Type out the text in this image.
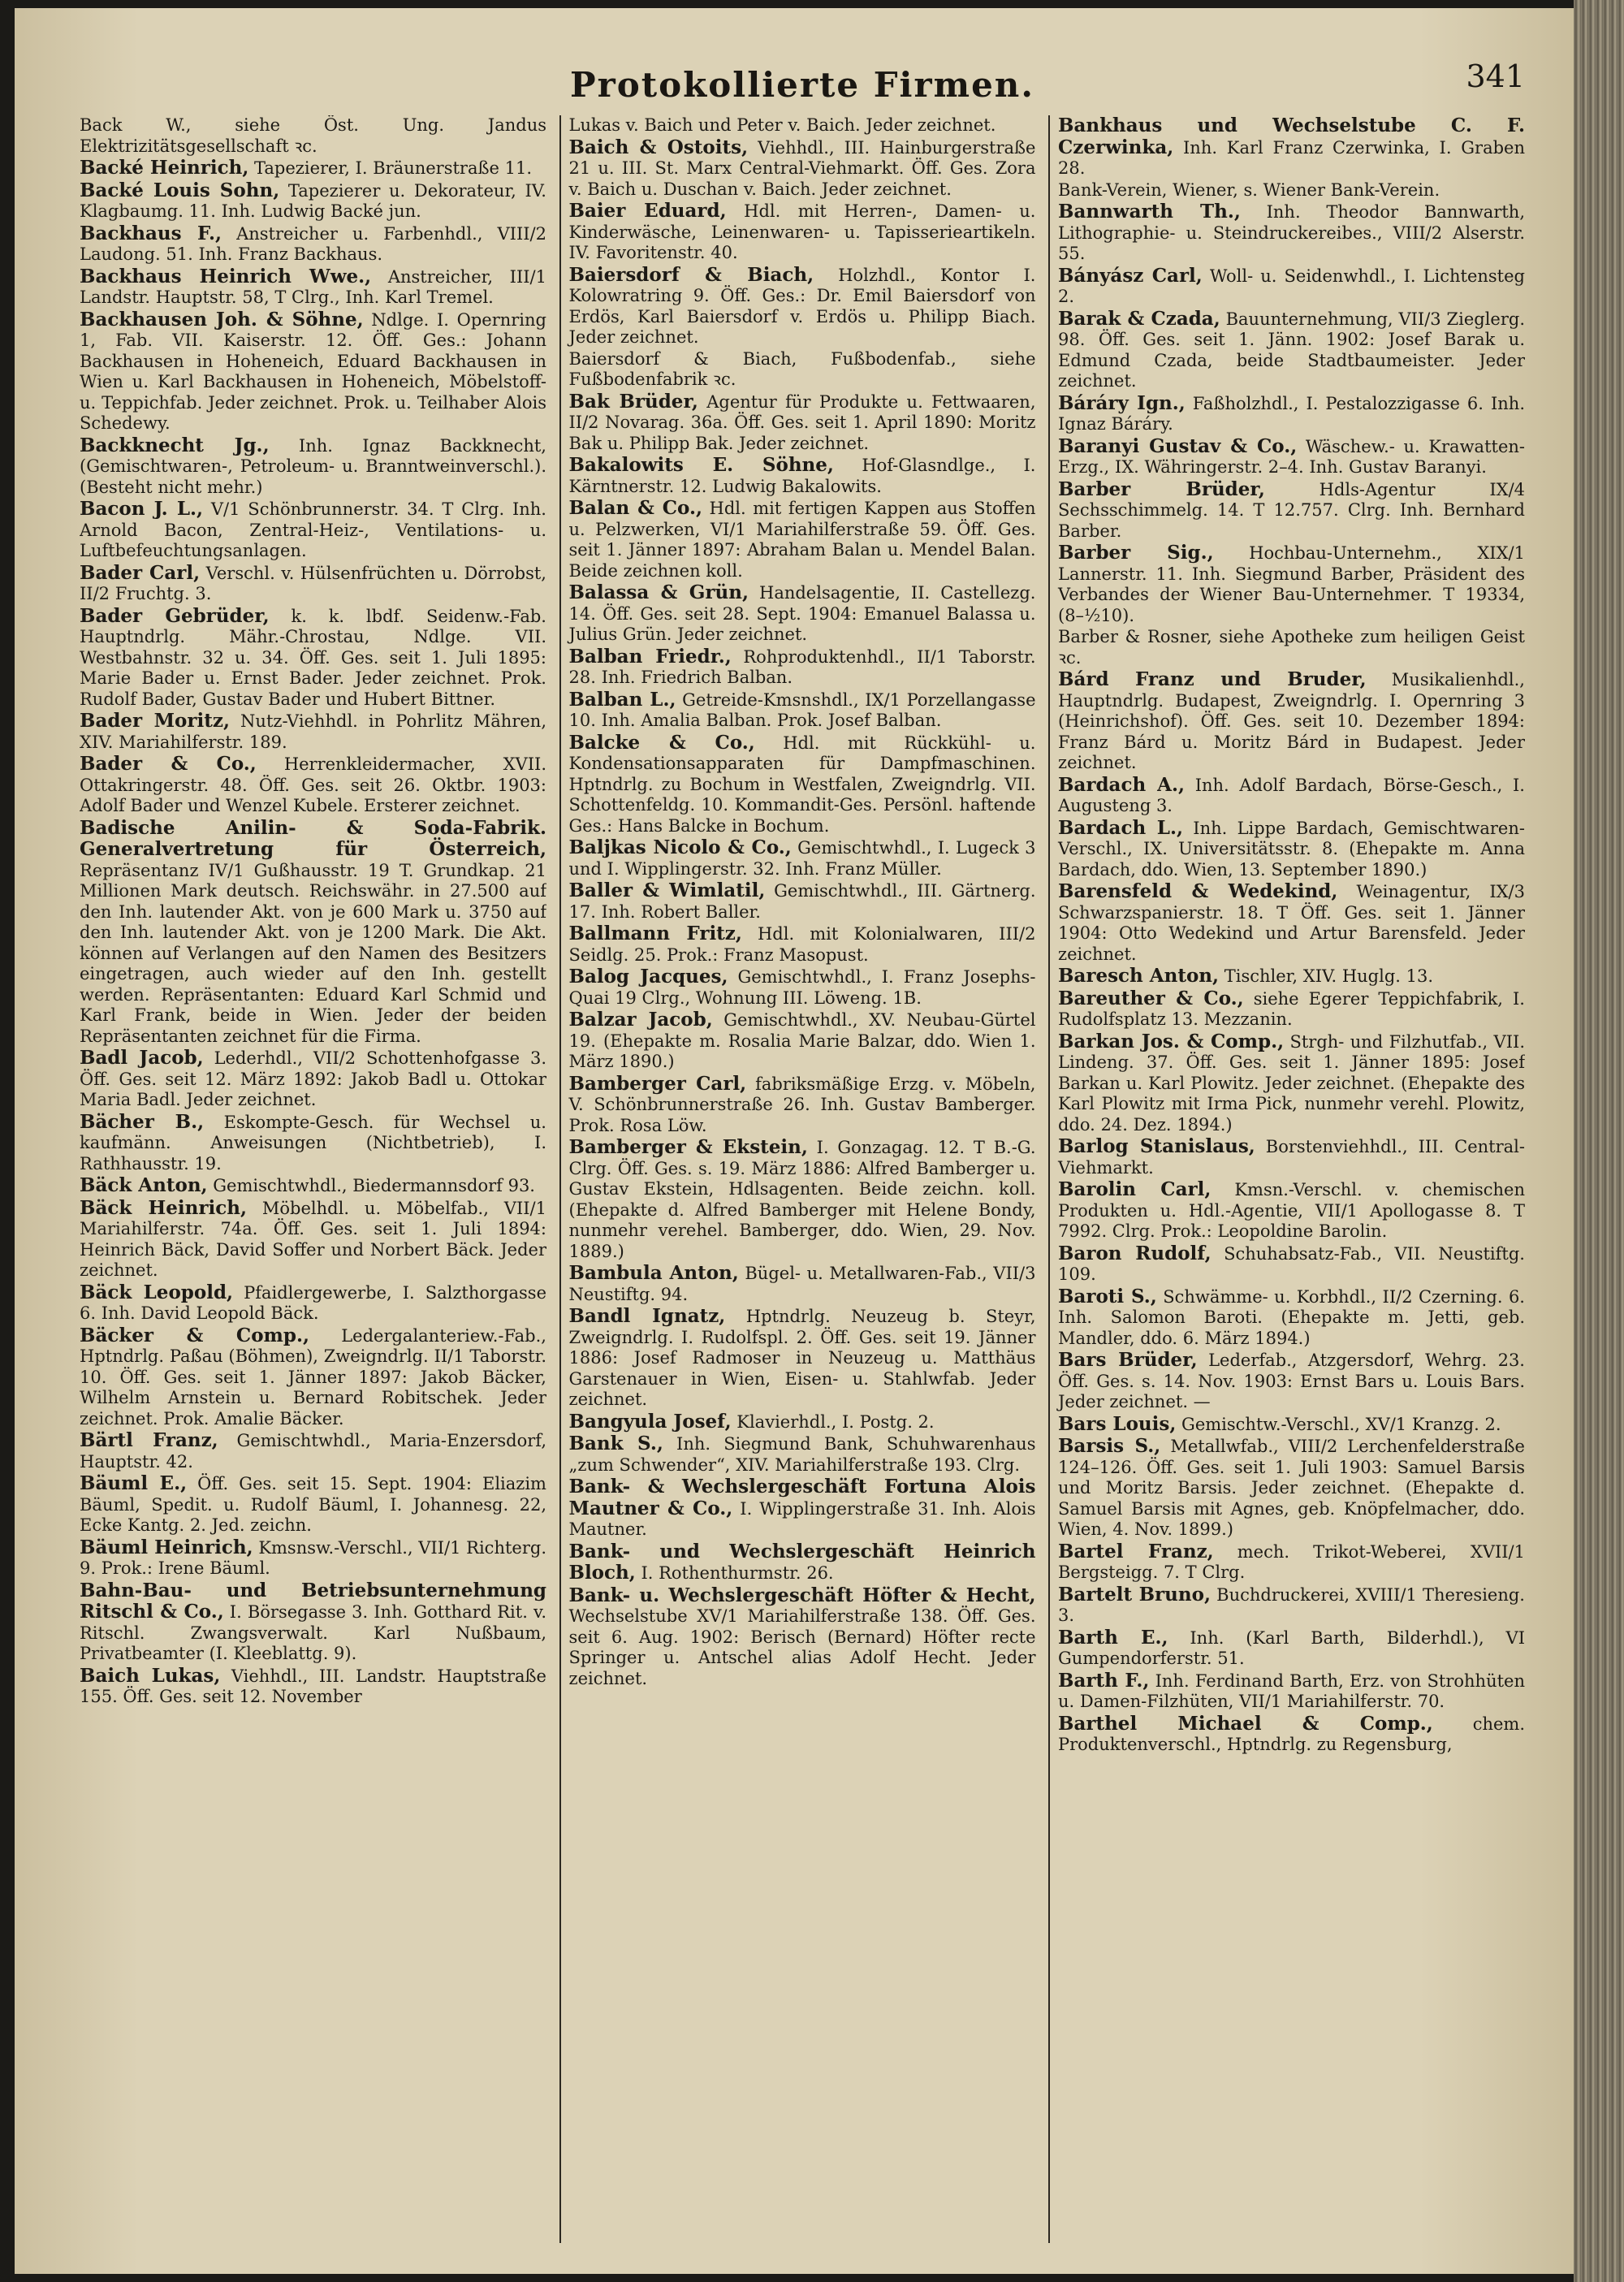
Protokollierte Firmen.	341
Back W., siehe Öst. Ung. Jandus Elektrizitätsgesellschaft ꝛc.
Backé Heinrich, Tapezierer, I. Bräunerstraße 11.
Backé Louis Sohn, Tapezierer u. Dekorateur, IV. Klagbaumg. 11. Inh. Ludwig Backé jun.
Backhaus F., Anstreicher u. Farbenhdl., VIII/2 Laudong. 51. Inh. Franz Backhaus.
Backhaus Heinrich Wwe., Anstreicher, III/1 Landstr. Hauptstr. 58, T Clrg., Inh. Karl Tremel.
Backhausen Joh. & Söhne, Ndlge. I. Opernring 1, Fab. VII. Kaiserstr. 12. Öff. Ges.: Johann Backhausen in Hoheneich, Eduard Backhausen in Wien u. Karl Backhausen in Hoheneich, Möbelstoff- u. Teppichfab. Jeder zeichnet. Prok. u. Teilhaber Alois Schedewy.
Backknecht Jg., Inh. Ignaz Backknecht, (Gemischtwaren-, Petroleum- u. Branntweinverschl.). (Besteht nicht mehr.)
Bacon J. L., V/1 Schönbrunnerstr. 34. T Clrg. Inh. Arnold Bacon, Zentral-Heiz-, Ventilations- u. Luftbefeuchtungsanlagen.
Bader Carl, Verschl. v. Hülsenfrüchten u. Dörrobst, II/2 Fruchtg. 3.
Bader Gebrüder, k. k. lbdf. Seidenw.-Fab. Hauptndrlg. Mähr.-Chrostau, Ndlge. VII. Westbahnstr. 32 u. 34. Öff. Ges. seit 1. Juli 1895: Marie Bader u. Ernst Bader. Jeder zeichnet. Prok. Rudolf Bader, Gustav Bader und Hubert Bittner.
Bader Moritz, Nutz-Viehhdl. in Pohrlitz Mähren, XIV. Mariahilferstr. 189.
Bader & Co., Herrenkleidermacher, XVII. Ottakringerstr. 48. Öff. Ges. seit 26. Oktbr. 1903: Adolf Bader und Wenzel Kubele. Ersterer zeichnet.
Badische Anilin- & Soda-Fabrik. Generalvertretung für Österreich, Repräsentanz IV/1 Gußhausstr. 19 T. Grundkap. 21 Millionen Mark deutsch. Reichswähr. in 27.500 auf den Inh. lautender Akt. von je 600 Mark u. 3750 auf den Inh. lautender Akt. von je 1200 Mark. Die Akt. können auf Verlangen auf den Namen des Besitzers eingetragen, auch wieder auf den Inh. gestellt werden. Repräsentanten: Eduard Karl Schmid und Karl Frank, beide in Wien. Jeder der beiden Repräsentanten zeichnet für die Firma.
Badl Jacob, Lederhdl., VII/2 Schottenhofgasse 3. Öff. Ges. seit 12. März 1892: Jakob Badl u. Ottokar Maria Badl. Jeder zeichnet.
Bächer B., Eskompte-Gesch. für Wechsel u. kaufmänn. Anweisungen (Nichtbetrieb), I. Rathhausstr. 19.
Bäck Anton, Gemischtwhdl., Biedermannsdorf 93.
Bäck Heinrich, Möbelhdl. u. Möbelfab., VII/1 Mariahilferstr. 74a. Öff. Ges. seit 1. Juli 1894: Heinrich Bäck, David Soffer und Norbert Bäck. Jeder zeichnet.
Bäck Leopold, Pfaidlergewerbe, I. Salzthorgasse 6. Inh. David Leopold Bäck.
Bäcker & Comp., Ledergalanteriew.-Fab., Hptndrlg. Paßau (Böhmen), Zweigndrlg. II/1 Taborstr. 10. Öff. Ges. seit 1. Jänner 1897: Jakob Bäcker, Wilhelm Arnstein u. Bernard Robitschek. Jeder zeichnet. Prok. Amalie Bäcker.
Bärtl Franz, Gemischtwhdl., Maria-Enzersdorf, Hauptstr. 42.
Bäuml E., Öff. Ges. seit 15. Sept. 1904: Eliazim Bäuml, Spedit. u. Rudolf Bäuml, I. Johannesg. 22, Ecke Kantg. 2. Jed. zeichn.
Bäuml Heinrich, Kmsnsw.-Verschl., VII/1 Richterg. 9. Prok.: Irene Bäuml.
Bahn-Bau- und Betriebsunternehmung Ritschl & Co., I. Börsegasse 3. Inh. Gotthard Rit. v. Ritschl. Zwangsverwalt. Karl Nußbaum, Privatbeamter (I. Kleeblattg. 9).
Baich Lukas, Viehhdl., III. Landstr. Hauptstraße 155. Öff. Ges. seit 12. November
Lukas v. Baich und Peter v. Baich. Jeder zeichnet.
Baich & Ostoits, Viehhdl., III. Hainburgerstraße 21 u. III. St. Marx Central-Viehmarkt. Öff. Ges. Zora v. Baich u. Duschan v. Baich. Jeder zeichnet.
Baier Eduard, Hdl. mit Herren-, Damen- u. Kinderwäsche, Leinenwaren- u. Tapisserieartikeln. IV. Favoritenstr. 40.
Baiersdorf & Biach, Holzhdl., Kontor I. Kolowratring 9. Öff. Ges.: Dr. Emil Baiersdorf von Erdös, Karl Baiersdorf v. Erdös u. Philipp Biach. Jeder zeichnet.
Baiersdorf & Biach, Fußbodenfab., siehe Fußbodenfabrik ꝛc.
Bak Brüder, Agentur für Produkte u. Fettwaaren, II/2 Novarag. 36a. Öff. Ges. seit 1. April 1890: Moritz Bak u. Philipp Bak. Jeder zeichnet.
Bakalowits E. Söhne, Hof-Glasndlge., I. Kärntnerstr. 12. Ludwig Bakalowits.
Balan & Co., Hdl. mit fertigen Kappen aus Stoffen u. Pelzwerken, VI/1 Mariahilferstraße 59. Öff. Ges. seit 1. Jänner 1897: Abraham Balan u. Mendel Balan. Beide zeichnen koll.
Balassa & Grün, Handelsagentie, II. Castellezg. 14. Öff. Ges. seit 28. Sept. 1904: Emanuel Balassa u. Julius Grün. Jeder zeichnet.
Balban Friedr., Rohproduktenhdl., II/1 Taborstr. 28. Inh. Friedrich Balban.
Balban L., Getreide-Kmsnshdl., IX/1 Porzellangasse 10. Inh. Amalia Balban. Prok. Josef Balban.
Balcke & Co., Hdl. mit Rückkühl- u. Kondensationsapparaten für Dampfmaschinen. Hptndrlg. zu Bochum in Westfalen, Zweigndrlg. VII. Schottenfeldg. 10. Kommandit-Ges. Persönl. haftende Ges.: Hans Balcke in Bochum.
Baljkas Nicolo & Co., Gemischtwhdl., I. Lugeck 3 und I. Wipplingerstr. 32. Inh. Franz Müller.
Baller & Wimlatil, Gemischtwhdl., III. Gärtnerg. 17. Inh. Robert Baller.
Ballmann Fritz, Hdl. mit Kolonialwaren, III/2 Seidlg. 25. Prok.: Franz Masopust.
Balog Jacques, Gemischtwhdl., I. Franz Josephs-Quai 19 Clrg., Wohnung III. Löweng. 1B.
Balzar Jacob, Gemischtwhdl., XV. Neubau-Gürtel 19. (Ehepakte m. Rosalia Marie Balzar, ddo. Wien 1. März 1890.)
Bamberger Carl, fabriksmäßige Erzg. v. Möbeln, V. Schönbrunnerstraße 26. Inh. Gustav Bamberger. Prok. Rosa Löw.
Bamberger & Ekstein, I. Gonzagag. 12. T B.-G. Clrg. Öff. Ges. s. 19. März 1886: Alfred Bamberger u. Gustav Ekstein, Hdlsagenten. Beide zeichn. koll. (Ehepakte d. Alfred Bamberger mit Helene Bondy, nunmehr verehel. Bamberger, ddo. Wien, 29. Nov. 1889.)
Bambula Anton, Bügel- u. Metallwaren-Fab., VII/3 Neustiftg. 94.
Bandl Ignatz, Hptndrlg. Neuzeug b. Steyr, Zweigndrlg. I. Rudolfspl. 2. Öff. Ges. seit 19. Jänner 1886: Josef Radmoser in Neuzeug u. Matthäus Garstenauer in Wien, Eisen- u. Stahlwfab. Jeder zeichnet.
Bangyula Josef, Klavierhdl., I. Postg. 2.
Bank S., Inh. Siegmund Bank, Schuhwarenhaus „zum Schwender“, XIV. Mariahilferstraße 193. Clrg.
Bank- & Wechslergeschäft Fortuna Alois Mautner & Co., I. Wipplingerstraße 31. Inh. Alois Mautner.
Bank- und Wechslergeschäft Heinrich Bloch, I. Rothenthurmstr. 26.
Bank- u. Wechslergeschäft Höfter & Hecht, Wechselstube XV/1 Mariahilferstraße 138. Öff. Ges. seit 6. Aug. 1902: Berisch (Bernard) Höfter recte Springer u. Antschel alias Adolf Hecht. Jeder zeichnet.
Bankhaus und Wechselstube C. F. Czerwinka, Inh. Karl Franz Czerwinka, I. Graben 28.
Bank-Verein, Wiener, s. Wiener Bank-Verein.
Bannwarth Th., Inh. Theodor Bannwarth, Lithographie- u. Steindruckereibes., VIII/2 Alserstr. 55.
Bányász Carl, Woll- u. Seidenwhdl., I. Lichtensteg 2.
Barak & Czada, Bauunternehmung, VII/3 Zieglerg. 98. Öff. Ges. seit 1. Jänn. 1902: Josef Barak u. Edmund Czada, beide Stadtbaumeister. Jeder zeichnet.
Báráry Ign., Faßholzhdl., I. Pestalozzigasse 6. Inh. Ignaz Báráry.
Baranyi Gustav & Co., Wäschew.- u. Krawatten-Erzg., IX. Währingerstr. 2–4. Inh. Gustav Baranyi.
Barber Brüder,	Hdls-Agentur IX/4 Sechsschimmelg. 14. T 12.757. Clrg. Inh. Bernhard Barber.
Barber Sig., Hochbau-Unternehm., XIX/1 Lannerstr. 11. Inh. Siegmund Barber, Präsident des Verbandes der Wiener Bau-Unternehmer. T 19334, (8–½10).
Barber & Rosner, siehe Apotheke zum heiligen Geist ꝛc.
Bárd Franz und Bruder, Musikalienhdl., Hauptndrlg. Budapest, Zweigndrlg. I. Opernring 3 (Heinrichshof). Öff. Ges. seit 10. Dezember 1894: Franz Bárd u. Moritz Bárd in Budapest. Jeder zeichnet.
Bardach A., Inh. Adolf Bardach, Börse-Gesch., I. Augusteng 3.
Bardach L., Inh. Lippe Bardach, Gemischtwaren-Verschl., IX. Universitätsstr. 8. (Ehepakte m. Anna Bardach, ddo. Wien, 13. September 1890.)
Barensfeld & Wedekind, Weinagentur, IX/3 Schwarzspanierstr. 18. T Öff. Ges. seit 1. Jänner 1904: Otto Wedekind und Artur Barensfeld. Jeder zeichnet.
Baresch Anton, Tischler, XIV. Huglg. 13.
Bareuther & Co., siehe Egerer Teppichfabrik, I. Rudolfsplatz 13. Mezzanin.
Barkan Jos. & Comp., Strgh- und Filzhutfab., VII. Lindeng. 37. Öff. Ges. seit 1. Jänner 1895: Josef Barkan u. Karl Plowitz. Jeder zeichnet. (Ehepakte des Karl Plowitz mit Irma Pick, nunmehr verehl. Plowitz, ddo. 24. Dez. 1894.)
Barlog Stanislaus, Borstenviehhdl., III. Central-Viehmarkt.
Barolin Carl, Kmsn.-Verschl. v. chemischen Produkten u. Hdl.-Agentie, VII/1 Apollogasse 8. T 7992. Clrg. Prok.: Leopoldine Barolin.
Baron Rudolf, Schuhabsatz-Fab., VII. Neustiftg. 109.
Baroti S., Schwämme- u. Korbhdl., II/2 Czerning. 6. Inh. Salomon Baroti. (Ehepakte m. Jetti, geb. Mandler, ddo. 6. März 1894.)
Bars Brüder, Lederfab., Atzgersdorf, Wehrg. 23. Öff. Ges. s. 14. Nov. 1903: Ernst Bars u. Louis Bars. Jeder zeichnet. —
Bars Louis, Gemischtw.-Verschl., XV/1 Kranzg. 2.
Barsis S., Metallwfab., VIII/2 Lerchenfelderstraße 124–126. Öff. Ges. seit 1. Juli 1903: Samuel Barsis und Moritz Barsis. Jeder zeichnet. (Ehepakte d. Samuel Barsis mit Agnes, geb. Knöpfelmacher, ddo. Wien, 4. Nov. 1899.)
Bartel Franz, mech. Trikot-Weberei, XVII/1 Bergsteigg. 7. T Clrg.
Bartelt Bruno, Buchdruckerei, XVIII/1 Theresieng. 3.
Barth E., Inh. (Karl Barth, Bilderhdl.), VI Gumpendorferstr. 51.
Barth F., Inh. Ferdinand Barth, Erz. von Strohhüten u. Damen-Filzhüten, VII/1 Mariahilferstr. 70.
Barthel Michael & Comp., chem. Produktenverschl., Hptndrlg. zu Regensburg,
